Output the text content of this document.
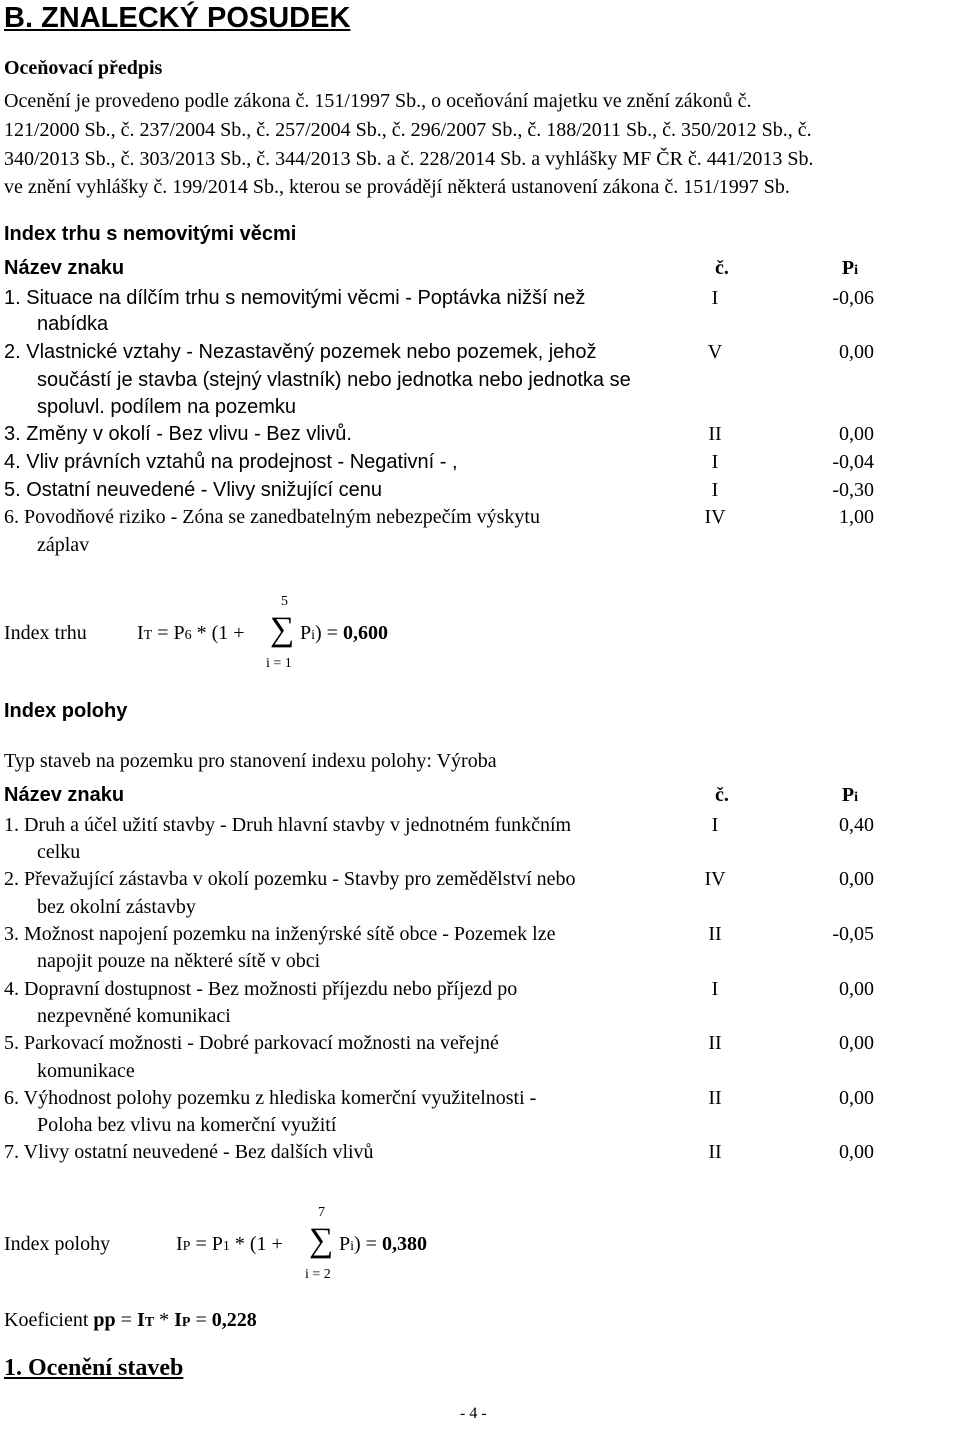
B. ZNALECKÝ POSUDEK
Oceňovací předpis
Ocenění je provedeno podle zákona č. 151/1997 Sb., o oceňování majetku ve znění zákonů č.
121/2000 Sb., č. 237/2004 Sb., č. 257/2004 Sb., č. 296/2007 Sb., č. 188/2011 Sb., č. 350/2012 Sb., č.
340/2013 Sb., č. 303/2013 Sb., č. 344/2013 Sb. a č. 228/2014 Sb. a vyhlášky MF ČR č. 441/2013 Sb.
ve znění vyhlášky č. 199/2014 Sb., kterou se provádějí některá ustanovení zákona č. 151/1997 Sb.
Index trhu s nemovitými věcmi
Název znaku	č.	Pi
1. Situace na dílčím trhu s nemovitými věcmi - Poptávka nižší než	I	-0,06
nabídka
2. Vlastnické vztahy - Nezastavěný pozemek nebo pozemek, jehož	V	0,00
součástí je stavba (stejný vlastník) nebo jednotka nebo jednotka se
spoluvl. podílem na pozemku
3. Změny v okolí - Bez vlivu - Bez vlivů.	II	0,00
4. Vliv právních vztahů na prodejnost - Negativní - ,	I	-0,04
5. Ostatní neuvedené - Vlivy snižující cenu	I	-0,30
6. Povodňové riziko - Zóna se zanedbatelným nebezpečím výskytu	IV	1,00
záplav
5
Index trhu	IT = P6 * (1 + ∑ Pi) = 0,600
i = 1
Index polohy
Typ staveb na pozemku pro stanovení indexu polohy: Výroba
Název znaku	č.	Pi
1. Druh a účel užití stavby - Druh hlavní stavby v jednotném funkčním	I	0,40
celku
2. Převažující zástavba v okolí pozemku - Stavby pro zemědělství nebo	IV	0,00
bez okolní zástavby
3. Možnost napojení pozemku na inženýrské sítě obce - Pozemek lze	II	-0,05
napojit pouze na některé sítě v obci
4. Dopravní dostupnost - Bez možnosti příjezdu nebo příjezd po	I	0,00
nezpevněné komunikaci
5. Parkovací možnosti - Dobré parkovací možnosti na veřejné	II	0,00
komunikace
6. Výhodnost polohy pozemku z hlediska komerční využitelnosti -	II	0,00
Poloha bez vlivu na komerční využití
7. Vlivy ostatní neuvedené - Bez dalších vlivů	II	0,00
7
Index polohy	IP = P1 * (1 + ∑ Pi) = 0,380
i = 2
Koeficient pp = IT * IP = 0,228
1. Ocenění staveb
- 4 -
